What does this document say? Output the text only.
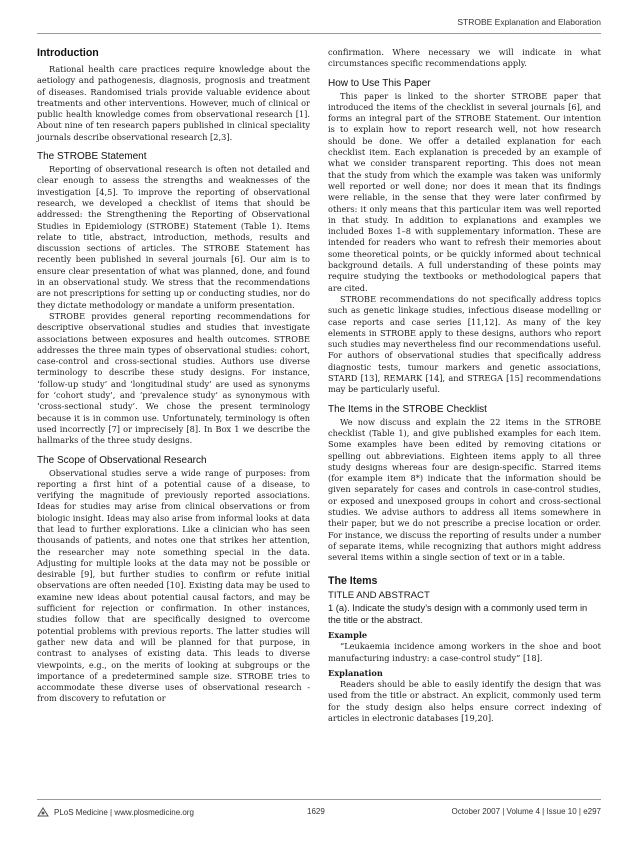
STROBE Explanation and Elaboration
Introduction

Rational health care practices require knowledge about the aetiology and pathogenesis, diagnosis, prognosis and treatment of diseases. Randomised trials provide valuable evidence about treatments and other interventions. However, much of clinical or public health knowledge comes from observational research [1]. About nine of ten research papers published in clinical speciality journals describe observational research [2,3].

The STROBE Statement

Reporting of observational research is often not detailed and clear enough to assess the strengths and weaknesses of the investigation [4,5]. To improve the reporting of observational research, we developed a checklist of items that should be addressed: the Strengthening the Reporting of Observational Studies in Epidemiology (STROBE) Statement (Table 1). Items relate to title, abstract, introduction, methods, results and discussion sections of articles. The STROBE Statement has recently been published in several journals [6]. Our aim is to ensure clear presentation of what was planned, done, and found in an observational study. We stress that the recommendations are not prescriptions for setting up or conducting studies, nor do they dictate methodology or mandate a uniform presentation.

STROBE provides general reporting recommendations for descriptive observational studies and studies that investigate associations between exposures and health outcomes. STROBE addresses the three main types of observational studies: cohort, case-control and cross-sectional studies. Authors use diverse terminology to describe these study designs. For instance, ‘follow-up study’ and ‘longitudinal study’ are used as synonyms for ‘cohort study’, and ‘prevalence study’ as synonymous with ‘cross-sectional study’. We chose the present terminology because it is in common use. Unfortunately, terminology is often used incorrectly [7] or imprecisely [8]. In Box 1 we describe the hallmarks of the three study designs.

The Scope of Observational Research

Observational studies serve a wide range of purposes: from reporting a first hint of a potential cause of a disease, to verifying the magnitude of previously reported associations. Ideas for studies may arise from clinical observations or from biologic insight. Ideas may also arise from informal looks at data that lead to further explorations. Like a clinician who has seen thousands of patients, and notes one that strikes her attention, the researcher may note something special in the data. Adjusting for multiple looks at the data may not be possible or desirable [9], but further studies to confirm or refute initial observations are often needed [10]. Existing data may be used to examine new ideas about potential causal factors, and may be sufficient for rejection or confirmation. In other instances, studies follow that are specifically designed to overcome potential problems with previous reports. The latter studies will gather new data and will be planned for that purpose, in contrast to analyses of existing data. This leads to diverse viewpoints, e.g., on the merits of looking at subgroups or the importance of a predetermined sample size. STROBE tries to accommodate these diverse uses of observational research - from discovery to refutation or

confirmation. Where necessary we will indicate in what circumstances specific recommendations apply.

How to Use This Paper

This paper is linked to the shorter STROBE paper that introduced the items of the checklist in several journals [6], and forms an integral part of the STROBE Statement. Our intention is to explain how to report research well, not how research should be done. We offer a detailed explanation for each checklist item. Each explanation is preceded by an example of what we consider transparent reporting. This does not mean that the study from which the example was taken was uniformly well reported or well done; nor does it mean that its findings were reliable, in the sense that they were later confirmed by others: it only means that this particular item was well reported in that study. In addition to explanations and examples we included Boxes 1–8 with supplementary information. These are intended for readers who want to refresh their memories about some theoretical points, or be quickly informed about technical background details. A full understanding of these points may require studying the textbooks or methodological papers that are cited.

STROBE recommendations do not specifically address topics such as genetic linkage studies, infectious disease modelling or case reports and case series [11,12]. As many of the key elements in STROBE apply to these designs, authors who report such studies may nevertheless find our recommendations useful. For authors of observational studies that specifically address diagnostic tests, tumour markers and genetic associations, STARD [13], REMARK [14], and STREGA [15] recommendations may be particularly useful.

The Items in the STROBE Checklist

We now discuss and explain the 22 items in the STROBE checklist (Table 1), and give published examples for each item. Some examples have been edited by removing citations or spelling out abbreviations. Eighteen items apply to all three study designs whereas four are design-specific. Starred items (for example item 8*) indicate that the information should be given separately for cases and controls in case-control studies, or exposed and unexposed groups in cohort and cross-sectional studies. We advise authors to address all items somewhere in their paper, but we do not prescribe a precise location or order. For instance, we discuss the reporting of results under a number of separate items, while recognizing that authors might address several items within a single section of text or in a table.

The Items
TITLE AND ABSTRACT
1 (a). Indicate the study’s design with a commonly used term in the title or the abstract.
Example

“Leukaemia incidence among workers in the shoe and boot manufacturing industry: a case-control study” [18].

Explanation

Readers should be able to easily identify the design that was used from the title or abstract. An explicit, commonly used term for the study design also helps ensure correct indexing of articles in electronic databases [19,20].

PLoS Medicine | www.plosmedicine.org	1629	October 2007 | Volume 4 | Issue 10 | e297
